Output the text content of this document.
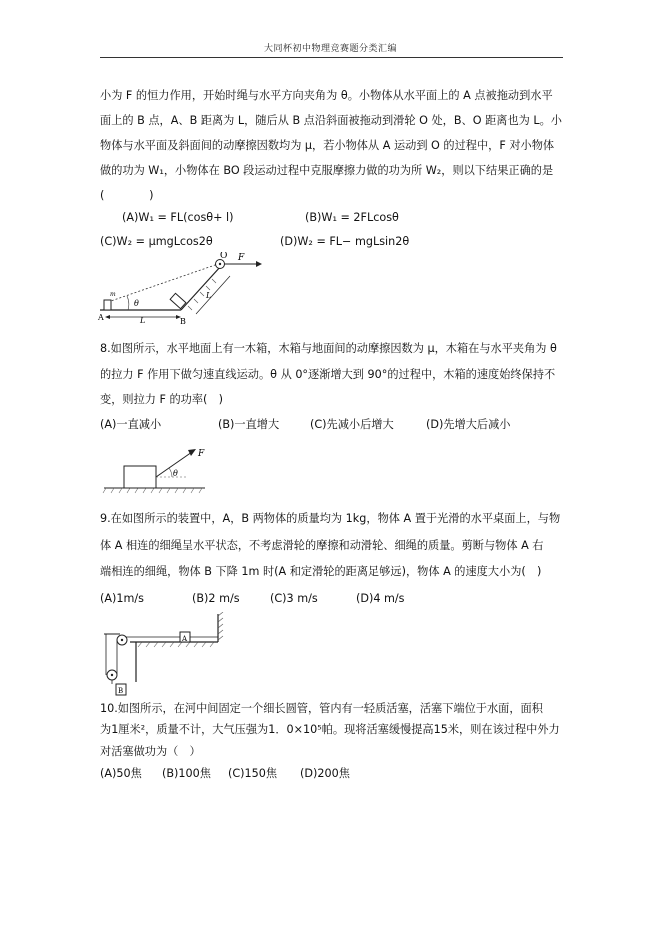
大同杯初中物理竞赛题分类汇编
小为 F 的恒力作用，开始时绳与水平方向夹角为 θ。小物体从水平面上的 A 点被拖动到水平
面上的 B 点，A、B 距离为 L，随后从 B 点沿斜面被拖动到滑轮 O 处，B、O 距离也为 L。小
物体与水平面及斜面间的动摩擦因数均为 μ，若小物体从 A 运动到 O 的过程中，F 对小物体
做的功为 W₁，小物体在 BO 段运动过程中克服摩擦力做的功为所 W₂，则以下结果正确的是
(　　　　)
(A)W₁ = FL(cosθ+ l)	(B)W₁ = 2FLcosθ
(C)W₂ = μmgLcos2θ	(D)W₂ = FL− mgLsin2θ
O F
m
θ
A	L	B
L
8.如图所示，水平地面上有一木箱，木箱与地面间的动摩擦因数为 μ，木箱在与水平夹角为 θ
的拉力 F 作用下做匀速直线运动。θ 从 0°逐渐增大到 90°的过程中，木箱的速度始终保持不
变，则拉力 F 的功率(　)
(A)一直减小	(B)一直增大	(C)先减小后增大	(D)先增大后减小
F
θ
9.在如图所示的装置中，A，B 两物体的质量均为 1kg，物体 A 置于光滑的水平桌面上，与物
体 A 相连的细绳呈水平状态，不考虑滑轮的摩擦和动滑轮、细绳的质量。剪断与物体 A 右
端相连的细绳，物体 B 下降 1m 时(A 和定滑轮的距离足够远)，物体 A 的速度大小为(　)
(A)1m/s	(B)2 m/s	(C)3 m/s	(D)4 m/s
A
B
10.如图所示，在河中间固定一个细长圆管，管内有一轻质活塞，活塞下端位于水面，面积
为1厘米²，质量不计，大气压强为1．0×10⁵帕。现将活塞缓慢提高15米，则在该过程中外力
对活塞做功为（　）
(A)50焦 (B)100焦 (C)150焦 (D)200焦
